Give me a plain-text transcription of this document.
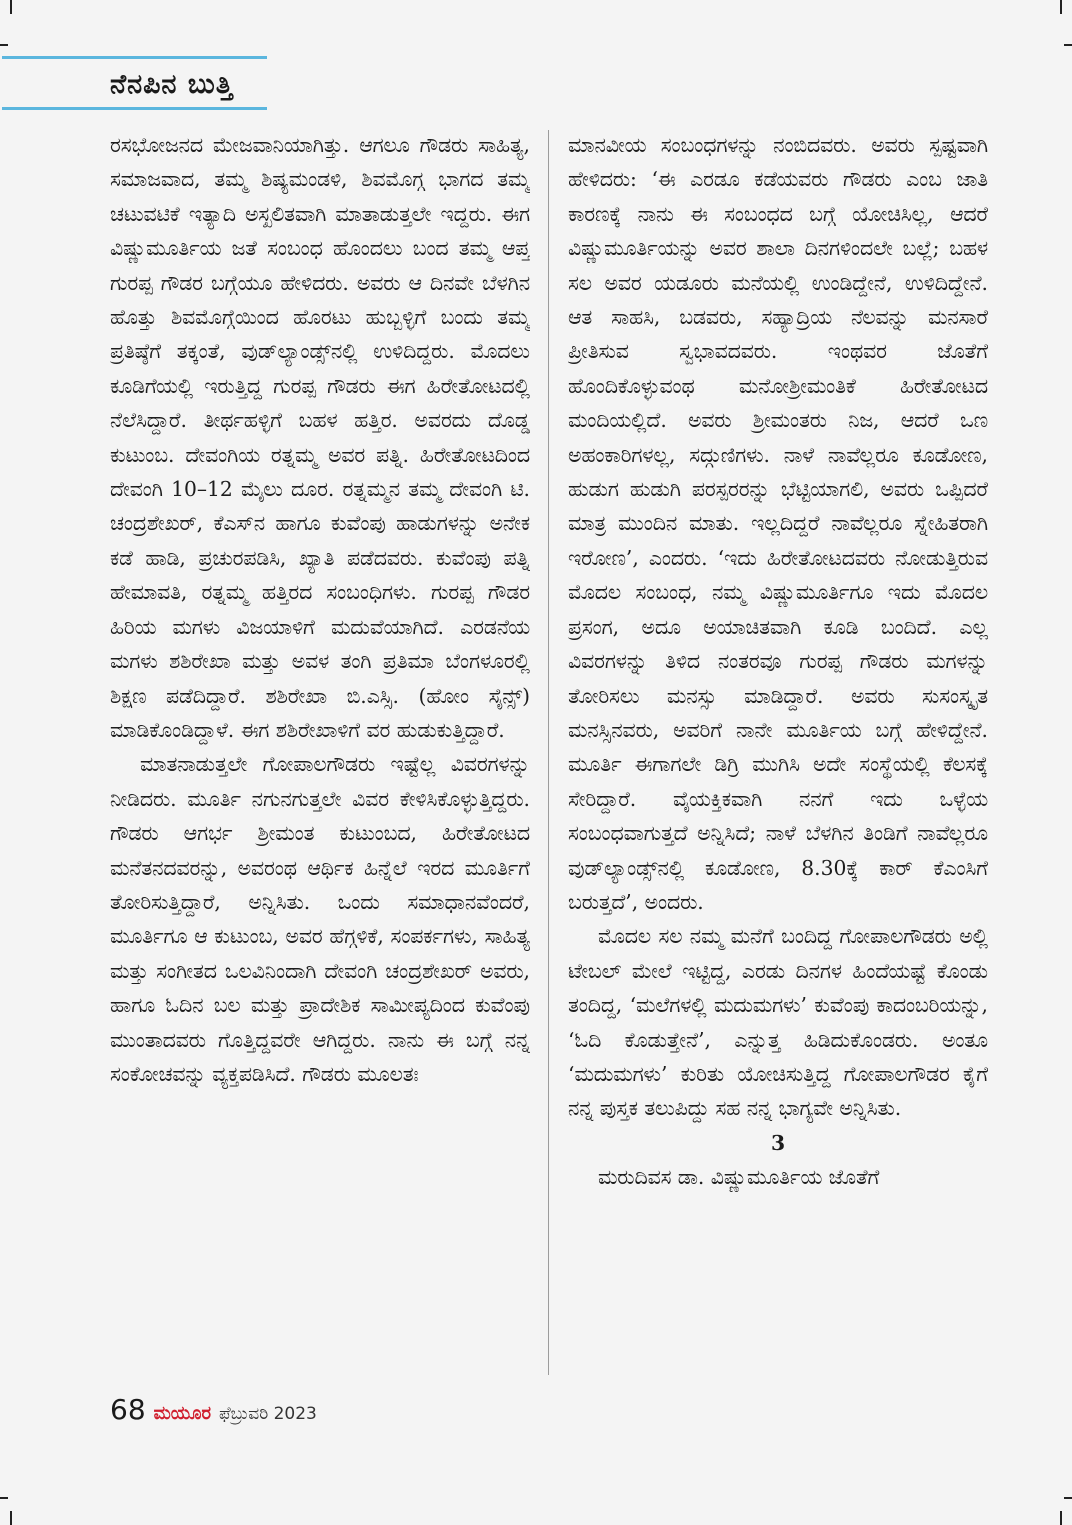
ನೆನಪಿನ ಬುತ್ತಿ
ರಸಭೋಜನದ ಮೇಜವಾನಿಯಾಗಿತ್ತು. ಆಗಲೂ ಗೌಡರು ಸಾಹಿತ್ಯ, ಸಮಾಜವಾದ, ತಮ್ಮ ಶಿಷ್ಯಮಂಡಳಿ, ಶಿವಮೊಗ್ಗ ಭಾಗದ ತಮ್ಮ ಚಟುವಟಿಕೆ ಇತ್ಯಾದಿ ಅಸ್ಖಲಿತವಾಗಿ ಮಾತಾಡುತ್ತಲೇ ಇದ್ದರು. ಈಗ ವಿಷ್ಣುಮೂರ್ತಿಯ ಜತೆ ಸಂಬಂಧ ಹೊಂದಲು ಬಂದ ತಮ್ಮ ಆಪ್ತ ಗುರಪ್ಪ ಗೌಡರ ಬಗ್ಗೆಯೂ ಹೇಳಿದರು. ಅವರು ಆ ದಿನವೇ ಬೆಳಗಿನ ಹೊತ್ತು ಶಿವಮೊಗ್ಗೆಯಿಂದ ಹೊರಟು ಹುಬ್ಬಳ್ಳಿಗೆ ಬಂದು ತಮ್ಮ ಪ್ರತಿಷ್ಠೆಗೆ ತಕ್ಕಂತೆ, ವುಡ್‌ಲ್ಯಾಂಡ್ಸ್‌ನಲ್ಲಿ ಉಳಿದಿದ್ದರು. ಮೊದಲು ಕೂಡಿಗೆಯಲ್ಲಿ ಇರುತ್ತಿದ್ದ ಗುರಪ್ಪ ಗೌಡರು ಈಗ ಹಿರೇತೋಟದಲ್ಲಿ ನೆಲೆಸಿದ್ದಾರೆ. ತೀರ್ಥಹಳ್ಳಿಗೆ ಬಹಳ ಹತ್ತಿರ. ಅವರದು ದೊಡ್ಡ ಕುಟುಂಬ. ದೇವಂಗಿಯ ರತ್ನಮ್ಮ ಅವರ ಪತ್ನಿ. ಹಿರೇತೋಟದಿಂದ ದೇವಂಗಿ 10–12 ಮೈಲು ದೂರ. ರತ್ನಮ್ಮನ ತಮ್ಮ ದೇವಂಗಿ ಟಿ. ಚಂದ್ರಶೇಖರ್, ಕೆಎಸ್‌ನ ಹಾಗೂ ಕುವೆಂಪು ಹಾಡುಗಳನ್ನು ಅನೇಕ ಕಡೆ ಹಾಡಿ, ಪ್ರಚುರಪಡಿಸಿ, ಖ್ಯಾತಿ ಪಡೆದವರು. ಕುವೆಂಪು ಪತ್ನಿ ಹೇಮಾವತಿ, ರತ್ನಮ್ಮ ಹತ್ತಿರದ ಸಂಬಂಧಿಗಳು. ಗುರಪ್ಪ ಗೌಡರ ಹಿರಿಯ ಮಗಳು ವಿಜಯಾಳಿಗೆ ಮದುವೆಯಾಗಿದೆ. ಎರಡನೆಯ ಮಗಳು ಶಶಿರೇಖಾ ಮತ್ತು ಅವಳ ತಂಗಿ ಪ್ರತಿಮಾ ಬೆಂಗಳೂರಲ್ಲಿ ಶಿಕ್ಷಣ ಪಡೆದಿದ್ದಾರೆ. ಶಶಿರೇಖಾ ಬಿ.ಎಸ್ಸಿ. (ಹೋಂ ಸೈನ್ಸ್) ಮಾಡಿಕೊಂಡಿದ್ದಾಳೆ. ಈಗ ಶಶಿರೇಖಾಳಿಗೆ ವರ ಹುಡುಕುತ್ತಿದ್ದಾರೆ.
ಮಾತನಾಡುತ್ತಲೇ ಗೋಪಾಲಗೌಡರು ಇಷ್ಟೆಲ್ಲ ವಿವರಗಳನ್ನು ನೀಡಿದರು. ಮೂರ್ತಿ ನಗುನಗುತ್ತಲೇ ವಿವರ ಕೇಳಿಸಿಕೊಳ್ಳುತ್ತಿದ್ದರು. ಗೌಡರು ಆಗರ್ಭ ಶ್ರೀಮಂತ ಕುಟುಂಬದ, ಹಿರೇತೋಟದ ಮನೆತನದವರನ್ನು, ಅವರಂಥ ಆರ್ಥಿಕ ಹಿನ್ನೆಲೆ ಇರದ ಮೂರ್ತಿಗೆ ತೋರಿಸುತ್ತಿದ್ದಾರೆ, ಅನ್ನಿಸಿತು. ಒಂದು ಸಮಾಧಾನವೆಂದರೆ, ಮೂರ್ತಿಗೂ ಆ ಕುಟುಂಬ, ಅವರ ಹೆಗ್ಗಳಿಕೆ, ಸಂಪರ್ಕಗಳು, ಸಾಹಿತ್ಯ ಮತ್ತು ಸಂಗೀತದ ಒಲವಿನಿಂದಾಗಿ ದೇವಂಗಿ ಚಂದ್ರಶೇಖರ್ ಅವರು, ಹಾಗೂ ಓದಿನ ಬಲ ಮತ್ತು ಪ್ರಾದೇಶಿಕ ಸಾಮೀಪ್ಯದಿಂದ ಕುವೆಂಪು ಮುಂತಾದವರು ಗೊತ್ತಿದ್ದವರೇ ಆಗಿದ್ದರು. ನಾನು ಈ ಬಗ್ಗೆ ನನ್ನ ಸಂಕೋಚವನ್ನು ವ್ಯಕ್ತಪಡಿಸಿದೆ. ಗೌಡರು ಮೂಲತಃ
ಮಾನವೀಯ ಸಂಬಂಧಗಳನ್ನು ನಂಬಿದವರು. ಅವರು ಸ್ಪಷ್ಟವಾಗಿ ಹೇಳಿದರು: ‘ಈ ಎರಡೂ ಕಡೆಯವರು ಗೌಡರು ಎಂಬ ಜಾತಿ ಕಾರಣಕ್ಕೆ ನಾನು ಈ ಸಂಬಂಧದ ಬಗ್ಗೆ ಯೋಚಿಸಿಲ್ಲ, ಆದರೆ ವಿಷ್ಣುಮೂರ್ತಿಯನ್ನು ಅವರ ಶಾಲಾ ದಿನಗಳಿಂದಲೇ ಬಲ್ಲೆ; ಬಹಳ ಸಲ ಅವರ ಯಡೂರು ಮನೆಯಲ್ಲಿ ಉಂಡಿದ್ದೇನೆ, ಉಳಿದಿದ್ದೇನೆ. ಆತ ಸಾಹಸಿ, ಬಡವರು, ಸಹ್ಯಾದ್ರಿಯ ನೆಲವನ್ನು ಮನಸಾರೆ ಪ್ರೀತಿಸುವ ಸ್ವಭಾವದವರು. ಇಂಥವರ ಜೊತೆಗೆ ಹೊಂದಿಕೊಳ್ಳುವಂಥ ಮನೋಶ್ರೀಮಂತಿಕೆ ಹಿರೇತೋಟದ ಮಂದಿಯಲ್ಲಿದೆ. ಅವರು ಶ್ರೀಮಂತರು ನಿಜ, ಆದರೆ ಒಣ ಅಹಂಕಾರಿಗಳಲ್ಲ, ಸದ್ಗುಣಿಗಳು. ನಾಳೆ ನಾವೆಲ್ಲರೂ ಕೂಡೋಣ, ಹುಡುಗ ಹುಡುಗಿ ಪರಸ್ಪರರನ್ನು ಭೆಟ್ಟಿಯಾಗಲಿ, ಅವರು ಒಪ್ಪಿದರೆ ಮಾತ್ರ ಮುಂದಿನ ಮಾತು. ಇಲ್ಲದಿದ್ದರೆ ನಾವೆಲ್ಲರೂ ಸ್ನೇಹಿತರಾಗಿ ಇರೋಣ’, ಎಂದರು. ‘ಇದು ಹಿರೇತೋಟದವರು ನೋಡುತ್ತಿರುವ ಮೊದಲ ಸಂಬಂಧ, ನಮ್ಮ ವಿಷ್ಣುಮೂರ್ತಿಗೂ ಇದು ಮೊದಲ ಪ್ರಸಂಗ, ಅದೂ ಅಯಾಚಿತವಾಗಿ ಕೂಡಿ ಬಂದಿದೆ. ಎಲ್ಲ ವಿವರಗಳನ್ನು ತಿಳಿದ ನಂತರವೂ ಗುರಪ್ಪ ಗೌಡರು ಮಗಳನ್ನು ತೋರಿಸಲು ಮನಸ್ಸು ಮಾಡಿದ್ದಾರೆ. ಅವರು ಸುಸಂಸ್ಕೃತ ಮನಸ್ಸಿನವರು, ಅವರಿಗೆ ನಾನೇ ಮೂರ್ತಿಯ ಬಗ್ಗೆ ಹೇಳಿದ್ದೇನೆ. ಮೂರ್ತಿ ಈಗಾಗಲೇ ಡಿಗ್ರಿ ಮುಗಿಸಿ ಅದೇ ಸಂಸ್ಥೆಯಲ್ಲಿ ಕೆಲಸಕ್ಕೆ ಸೇರಿದ್ದಾರೆ. ವೈಯಕ್ತಿಕವಾಗಿ ನನಗೆ ಇದು ಒಳ್ಳೆಯ ಸಂಬಂಧವಾಗುತ್ತದೆ ಅನ್ನಿಸಿದೆ; ನಾಳೆ ಬೆಳಗಿನ ತಿಂಡಿಗೆ ನಾವೆಲ್ಲರೂ ವುಡ್‌ಲ್ಯಾಂಡ್ಸ್‌ನಲ್ಲಿ ಕೂಡೋಣ, 8.30ಕ್ಕೆ ಕಾರ್ ಕೆಎಂಸಿಗೆ ಬರುತ್ತದೆ’, ಅಂದರು.
ಮೊದಲ ಸಲ ನಮ್ಮ ಮನೆಗೆ ಬಂದಿದ್ದ ಗೋಪಾಲಗೌಡರು ಅಲ್ಲಿ ಟೇಬಲ್ ಮೇಲೆ ಇಟ್ಟಿದ್ದ, ಎರಡು ದಿನಗಳ ಹಿಂದೆಯಷ್ಟೆ ಕೊಂಡು ತಂದಿದ್ದ, ‘ಮಲೆಗಳಲ್ಲಿ ಮದುಮಗಳು’ ಕುವೆಂಪು ಕಾದಂಬರಿಯನ್ನು, ‘ಓದಿ ಕೊಡುತ್ತೇನೆ’, ಎನ್ನುತ್ತ ಹಿಡಿದುಕೊಂಡರು. ಅಂತೂ ‘ಮದುಮಗಳು’ ಕುರಿತು ಯೋಚಿಸುತ್ತಿದ್ದ ಗೋಪಾಲಗೌಡರ ಕೈಗೆ ನನ್ನ ಪುಸ್ತಕ ತಲುಪಿದ್ದು ಸಹ ನನ್ನ ಭಾಗ್ಯವೇ ಅನ್ನಿಸಿತು.
3
ಮರುದಿವಸ ಡಾ. ವಿಷ್ಣುಮೂರ್ತಿಯ ಜೊತೆಗೆ
68 ಮಯೂರ ಫೆಬ್ರುವರಿ 2023
